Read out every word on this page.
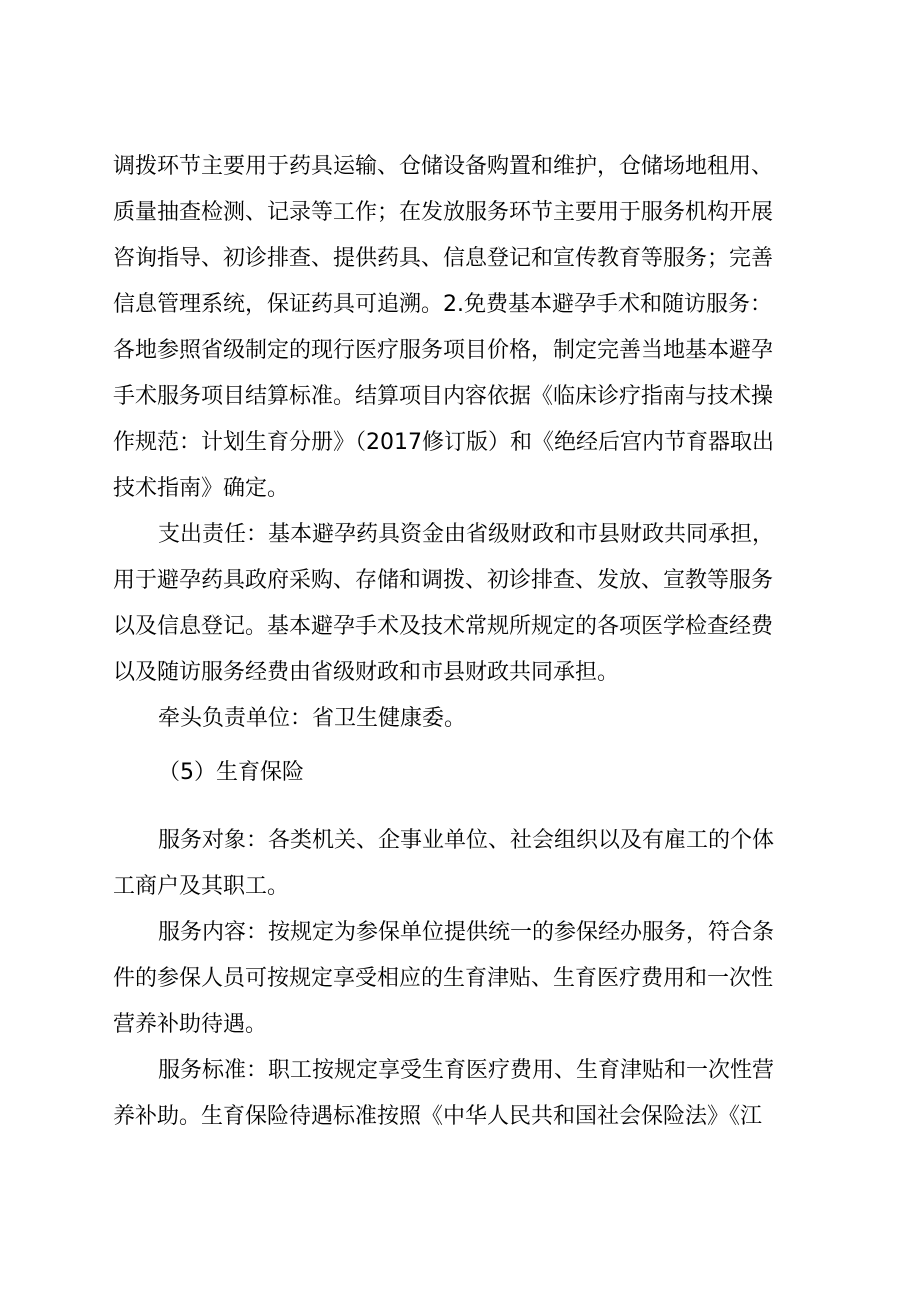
调拨环节主要用于药具运输、仓储设备购置和维护，仓储场地租用、
质量抽查检测、记录等工作；在发放服务环节主要用于服务机构开展
咨询指导、初诊排查、提供药具、信息登记和宣传教育等服务；完善
信息管理系统，保证药具可追溯。2.免费基本避孕手术和随访服务：
各地参照省级制定的现行医疗服务项目价格，制定完善当地基本避孕
手术服务项目结算标准。结算项目内容依据《临床诊疗指南与技术操
作规范：计划生育分册》（2017修订版）和《绝经后宫内节育器取出
技术指南》确定。
支出责任：基本避孕药具资金由省级财政和市县财政共同承担，
用于避孕药具政府采购、存储和调拨、初诊排查、发放、宣教等服务
以及信息登记。基本避孕手术及技术常规所规定的各项医学检查经费
以及随访服务经费由省级财政和市县财政共同承担。
牵头负责单位：省卫生健康委。
（5）生育保险
服务对象：各类机关、企事业单位、社会组织以及有雇工的个体
工商户及其职工。
服务内容：按规定为参保单位提供统一的参保经办服务，符合条
件的参保人员可按规定享受相应的生育津贴、生育医疗费用和一次性
营养补助待遇。
服务标准：职工按规定享受生育医疗费用、生育津贴和一次性营
养补助。生育保险待遇标准按照《中华人民共和国社会保险法》《江
